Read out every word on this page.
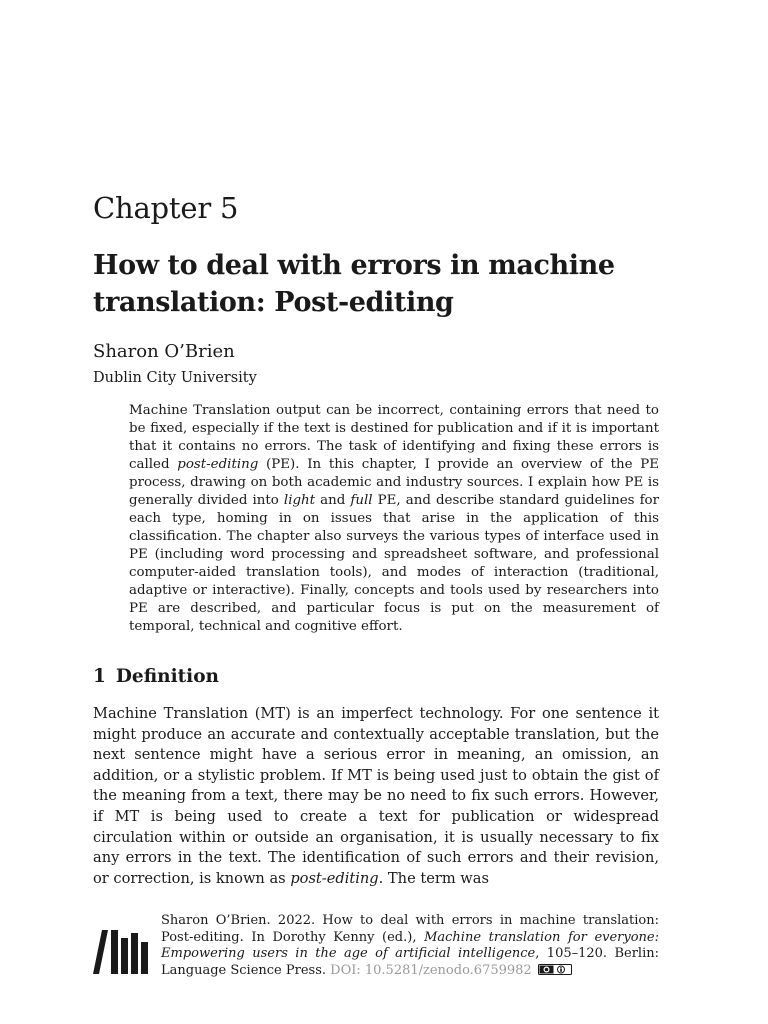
Chapter 5
How to deal with errors in machine translation: Post-editing
Sharon O’Brien
Dublin City University

Machine Translation output can be incorrect, containing errors that need to be fixed, especially if the text is destined for publication and if it is important that it contains no errors. The task of identifying and fixing these errors is called post-editing (PE). In this chapter, I provide an overview of the PE process, drawing on both academic and industry sources. I explain how PE is generally divided into light and full PE, and describe standard guidelines for each type, homing in on issues that arise in the application of this classification. The chapter also surveys the various types of interface used in PE (including word processing and spreadsheet software, and professional computer-aided translation tools), and modes of interaction (traditional, adaptive or interactive). Finally, concepts and tools used by researchers into PE are described, and particular focus is put on the measurement of temporal, technical and cognitive effort.

1 Definition

Machine Translation (MT) is an imperfect technology. For one sentence it might produce an accurate and contextually acceptable translation, but the next sentence might have a serious error in meaning, an omission, an addition, or a stylistic problem. If MT is being used just to obtain the gist of the meaning from a text, there may be no need to fix such errors. However, if MT is being used to create a text for publication or widespread circulation within or outside an organisation, it is usually necessary to fix any errors in the text. The identification of such errors and their revision, or correction, is known as post-editing. The term was

Sharon O’Brien. 2022. How to deal with errors in machine translation: Post-editing. In Dorothy Kenny (ed.), Machine translation for everyone: Empowering users in the age of artificial intelligence, 105–120. Berlin: Language Science Press. DOI: 10.5281/zenodo.6759982
